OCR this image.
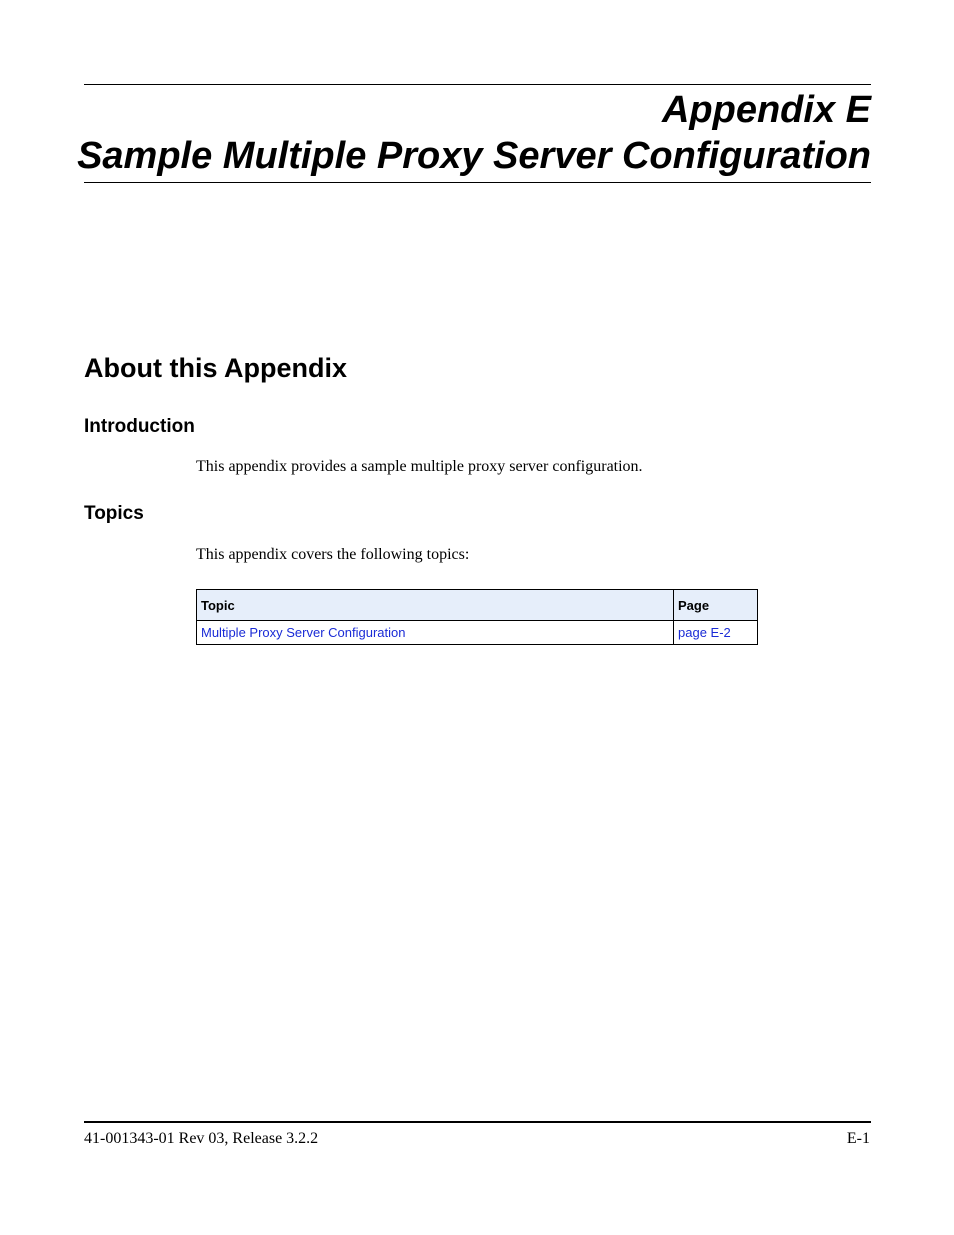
Appendix E
Sample Multiple Proxy Server Configuration
About this Appendix
Introduction
This appendix provides a sample multiple proxy server configuration.
Topics
This appendix covers the following topics:
Topic	Page
Multiple Proxy Server Configuration	page E-2
41-001343-01 Rev 03, Release 3.2.2	E-1
